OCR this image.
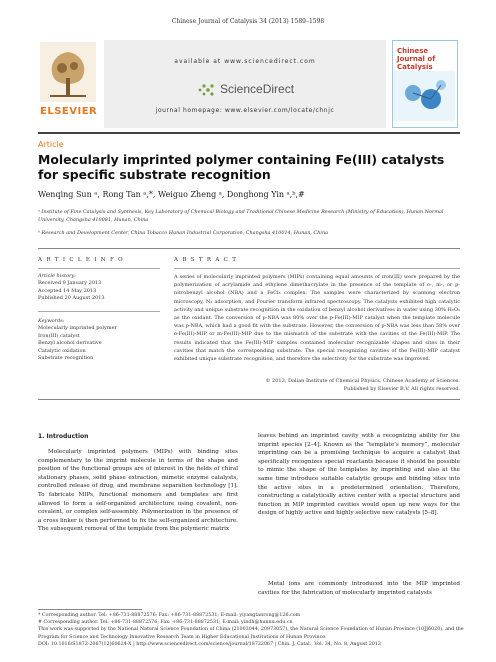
Chinese Journal of Catalysis 34 (2013) 1589–1598
ELSEVIER
available at www.sciencedirect.com
ScienceDirect
journal homepage: www.elsevier.com/locate/chnjc
Chinese Journal of Catalysis
Article
Molecularly imprinted polymer containing Fe(III) catalysts for specific substrate recognition
Wenqing Sun ᵃ, Rong Tan ᵃ,*, Weiguo Zheng ᵃ, Donghong Yin ᵃ,ᵇ,#
ᵃ Institute of Fine Catalysis and Synthesis, Key Laboratory of Chemical Biology and Traditional Chinese Medicine Research (Ministry of Education), Hunan Normal University, Changsha 410081, Hunan, China
ᵇ Research and Development Center, China Tobacco Hunan Industrial Corporation, Changsha 410014, Hunan, China
A R T I C L E I N F O
Article history:
Received 9 January 2013
Accepted 14 May 2013
Published 20 August 2013
Keywords:
Molecularly imprinted polymer
Iron(III) catalyst
Benzyl alcohol derivative
Catalytic oxidation
Substrate recognition
A B S T R A C T
A series of molecularly imprinted polymers (MIPs) containing equal amounts of iron(III) were prepared by the polymerization of acrylamide and ethylene dimethacrylate in the presence of the template of o-, m-, or p-nitrobenzyl alcohol (NBA) and a FeCl₃ complex. The samples were characterized by scanning electron microscopy, N₂ adsorption, and Fourier transform infrared spectroscopy. The catalysts exhibited high catalytic activity and unique substrate recognition in the oxidation of benzyl alcohol derivatives in water using 30% H₂O₂ as the oxidant. The conversion of p-NBA was 80% over the p-Fe(III)-MIP catalyst when the template molecule was p-NBA, which had a good fit with the substrate. However, the conversion of p-NBA was less than 58% over o-Fe(III)-MIP or m-Fe(III)-MIP due to the mismatch of the substrate with the cavities of the Fe(III)-MIP. The results indicated that the Fe(III)-MIP samples contained molecular recognizable shapes and sites in their cavities that match the corresponding substrate. The special recognizing cavities of the Fe(III)-MIP catalyst exhibited unique substrate recognition, and therefore the selectivity for the substrate was improved.
© 2013, Dalian Institute of Chemical Physics, Chinese Academy of Sciences.
Published by Elsevier B.V. All rights reserved.
1. Introduction
Molecularly imprinted polymers (MIPs) with binding sites complementary to the imprint molecule in terms of the shape and position of the functional groups are of interest in the fields of chiral stationary phases, solid phase extraction, mimetic enzyme catalysts, controlled release of drug, and membrane separation technology [1]. To fabricate MIPs, functional monomers and templates are first allowed to form a self-organized architecture using covalent, non-covalent, or complex self-assembly. Polymerization in the presence of a cross linker is then performed to fix the self-organized architecture. The subsequent removal of the template from the polymeric matrix
leaves behind an imprinted cavity with a recognizing ability for the imprint species [2–4]. Known as the “template’s memory”, molecular imprinting can be a promising technique to acquire a catalyst that specifically recognizes special reactants because it should be possible to mimic the shape of the templates by imprinting and also at the same time introduce suitable catalytic groups and binding sites into the active sites in a predetermined orientation. Therefore, constructing a catalytically active center with a special structure and function in MIP imprinted cavities would open up new ways for the design of highly active and highly selective new catalysts [5–8].
Metal ions are commonly introduced into the MIP imprinted cavities for the fabrication of molecularly imprinted catalysts
* Corresponding author. Tel: +86-731-88872576; Fax: +86-731-88872531; E-mail: yiyangtanrong@126.com
# Corresponding author. Tel: +86-731-88872576; Fax: +86-731-88872531; E-mail: yindh@hunnu.edu.cn
This work was supported by the National Natural Science Foundation of China (21003044, 20973057), the Natural Science Foundation of Hunan Province (10JJ6020), and the Program for Science and Technology Innovative Research Team in Higher Educational Institutions of Hunan Province.
DOI: 10.1016/S1872-2067(12)60624-X | http://www.sciencedirect.com/science/journal/18722067 | Chin. J. Catal., Vol. 34, No. 8, August 2013
